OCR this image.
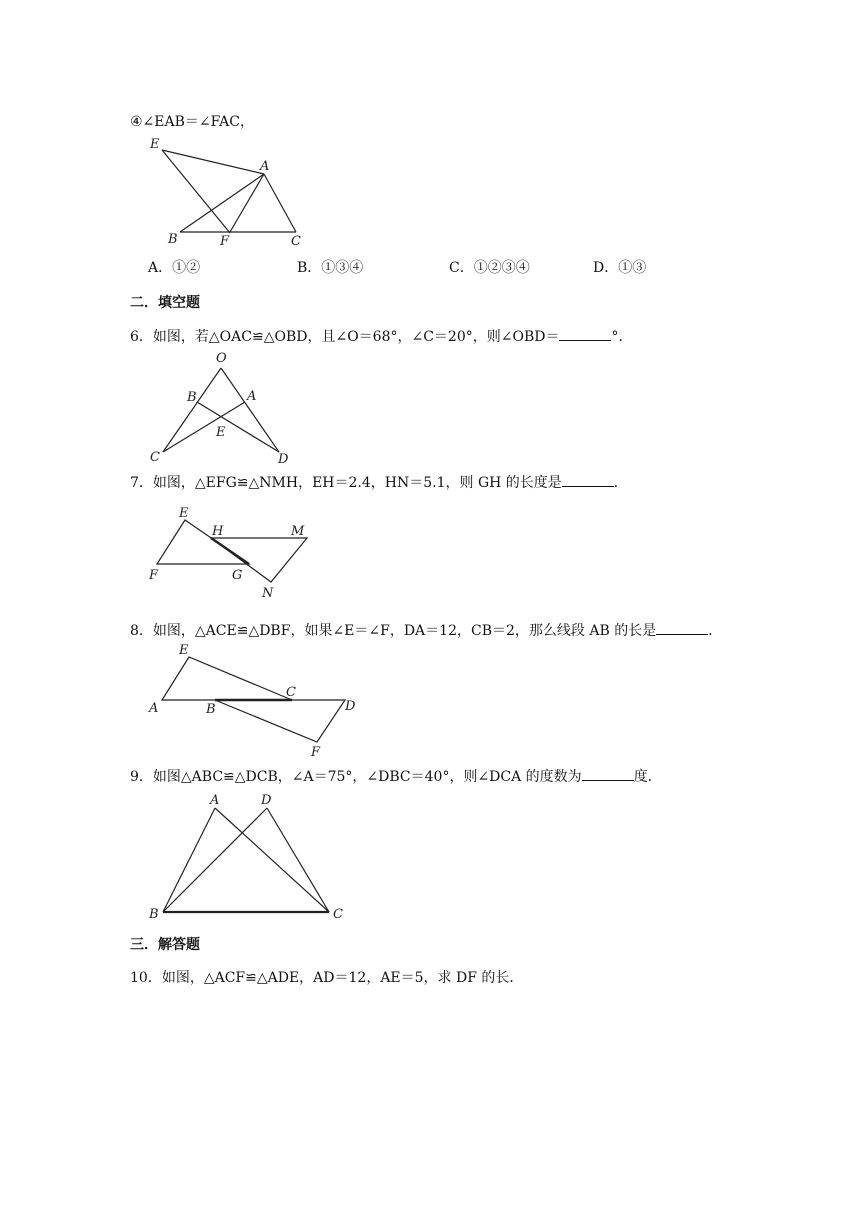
④∠EAB＝∠FAC，
E
A
B	F	C
A．①②	B．①③④	C．①②③④	D．①③
二．填空题
6．如图，若△OAC≌△OBD，且∠O＝68°，∠C＝20°，则∠OBD＝	°．
O
B	A
E
C	D
7．如图，△EFG≌△NMH，EH＝2.4，HN＝5.1，则 GH 的长度是	．
E
H	M
F	G
N
8．如图，△ACE≌△DBF，如果∠E＝∠F，DA＝12，CB＝2，那么线段 AB 的长是	．
E
C
A	B	D
F
9．如图△ABC≌△DCB，∠A＝75°，∠DBC＝40°，则∠DCA 的度数为	度．
A	D
B	C
三．解答题
10．如图，△ACF≌△ADE，AD＝12，AE＝5，求 DF 的长．
